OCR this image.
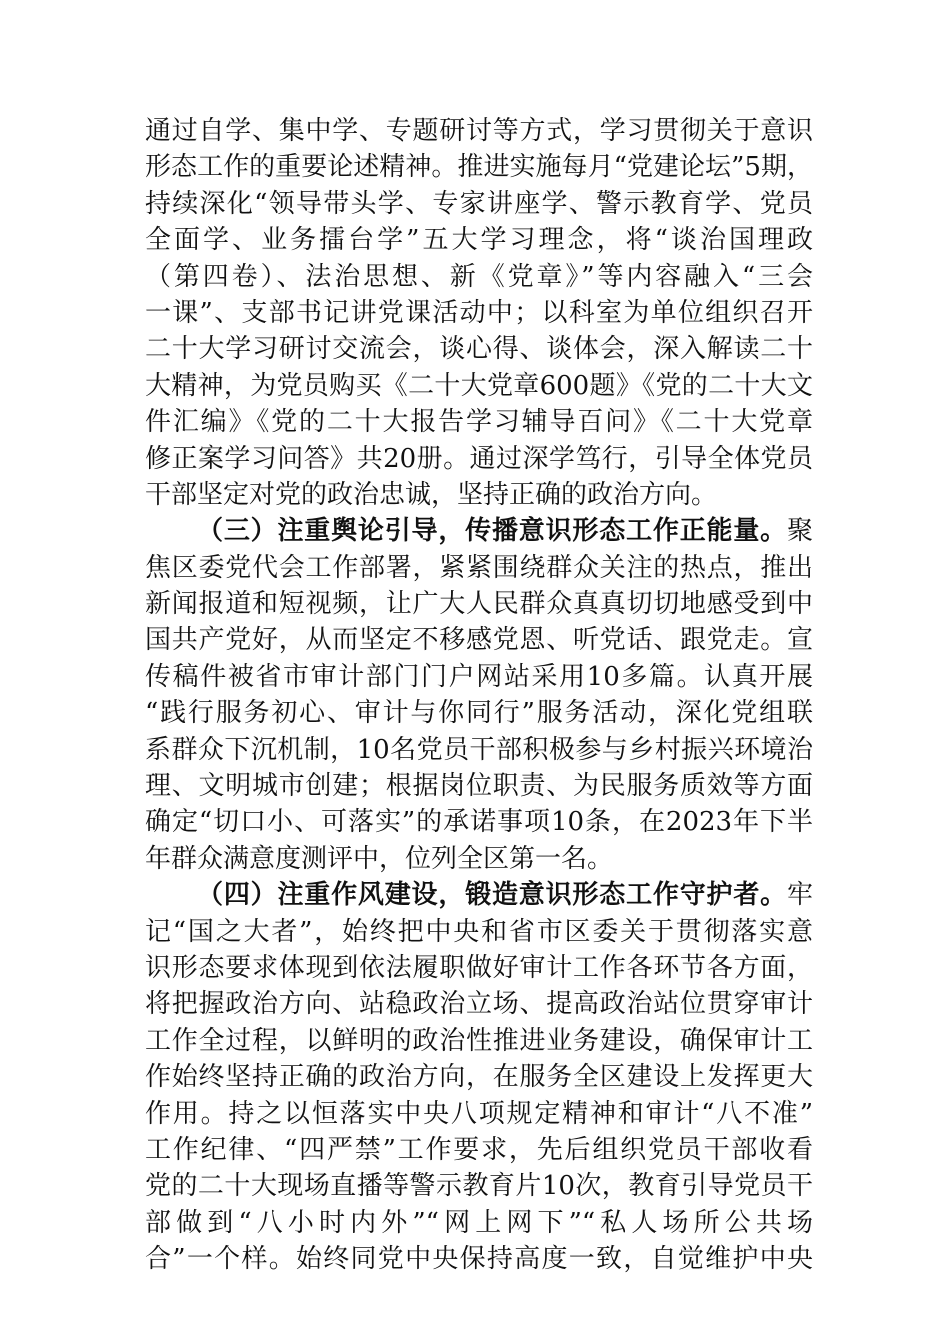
通过自学、集中学、专题研讨等方式，学习贯彻关于意识
形态工作的重要论述精神。推进实施每月“党建论坛”5期，
持续深化“领导带头学、专家讲座学、警示教育学、党员
全面学、业务擂台学”五大学习理念，将“谈治国理政
（第四卷）、法治思想、新《党章》”等内容融入“三会
一课”、支部书记讲党课活动中；以科室为单位组织召开
二十大学习研讨交流会，谈心得、谈体会，深入解读二十
大精神，为党员购买《二十大党章600题》《党的二十大文
件汇编》《党的二十大报告学习辅导百问》《二十大党章
修正案学习问答》共20册。通过深学笃行，引导全体党员
干部坚定对党的政治忠诚，坚持正确的政治方向。
（三）注重舆论引导，传播意识形态工作正能量。聚
焦区委党代会工作部署，紧紧围绕群众关注的热点，推出
新闻报道和短视频，让广大人民群众真真切切地感受到中
国共产党好，从而坚定不移感党恩、听党话、跟党走。宣
传稿件被省市审计部门门户网站采用10多篇。认真开展
“践行服务初心、审计与你同行”服务活动，深化党组联
系群众下沉机制，10名党员干部积极参与乡村振兴环境治
理、文明城市创建；根据岗位职责、为民服务质效等方面
确定“切口小、可落实”的承诺事项10条，在2023年下半
年群众满意度测评中，位列全区第一名。
（四）注重作风建设，锻造意识形态工作守护者。牢
记“国之大者”，始终把中央和省市区委关于贯彻落实意
识形态要求体现到依法履职做好审计工作各环节各方面，
将把握政治方向、站稳政治立场、提高政治站位贯穿审计
工作全过程，以鲜明的政治性推进业务建设，确保审计工
作始终坚持正确的政治方向，在服务全区建设上发挥更大
作用。持之以恒落实中央八项规定精神和审计“八不准”
工作纪律、“四严禁”工作要求，先后组织党员干部收看
党的二十大现场直播等警示教育片10次，教育引导党员干
部做到“八小时内外”“网上网下”“私人场所公共场
合”一个样。始终同党中央保持高度一致，自觉维护中央
